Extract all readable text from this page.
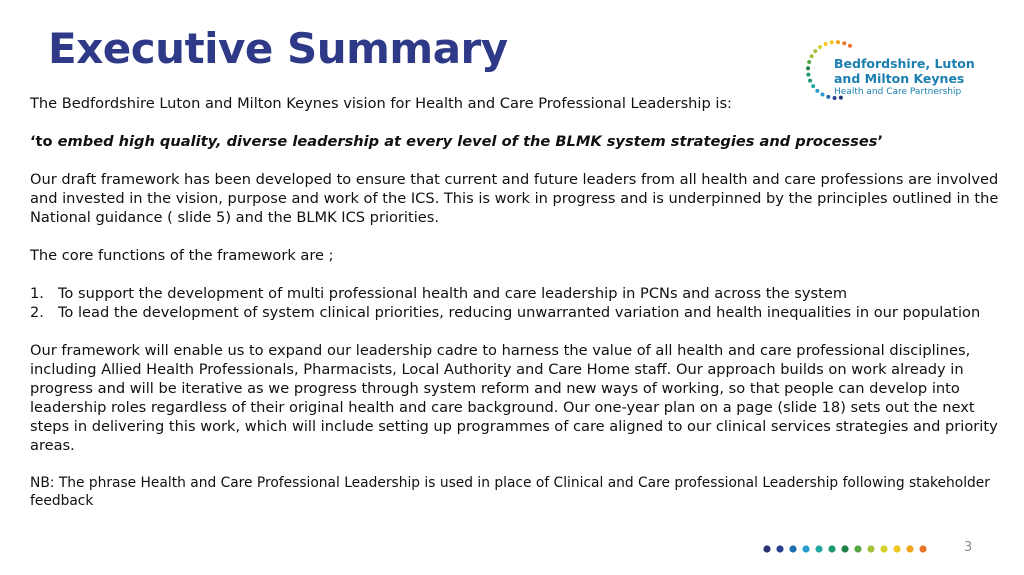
Executive Summary	Bedfordshire, Luton
and Milton Keynes
Health and Care Partnership

The Bedfordshire Luton and Milton Keynes vision for Health and Care Professional Leadership is:

‘to embed high quality, diverse leadership at every level of the BLMK system strategies and processes’

Our draft framework has been developed to ensure that current and future leaders from all health and care professions are involved and invested in the vision, purpose and work of the ICS. This is work in progress and is underpinned by the principles outlined in the National guidance ( slide 5) and the BLMK ICS priorities.

The core functions of the framework are ;

1. To support the development of multi professional health and care leadership in PCNs and across the system
2. To lead the development of system clinical priorities, reducing unwarranted variation and health inequalities in our population

Our framework will enable us to expand our leadership cadre to harness the value of all health and care professional disciplines, including Allied Health Professionals, Pharmacists, Local Authority and Care Home staff. Our approach builds on work already in progress and will be iterative as we progress through system reform and new ways of working, so that people can develop into leadership roles regardless of their original health and care background. Our one-year plan on a page (slide 18) sets out the next steps in delivering this work, which will include setting up programmes of care aligned to our clinical services strategies and priority areas.

NB: The phrase Health and Care Professional Leadership is used in place of Clinical and Care professional Leadership following stakeholder feedback

3
